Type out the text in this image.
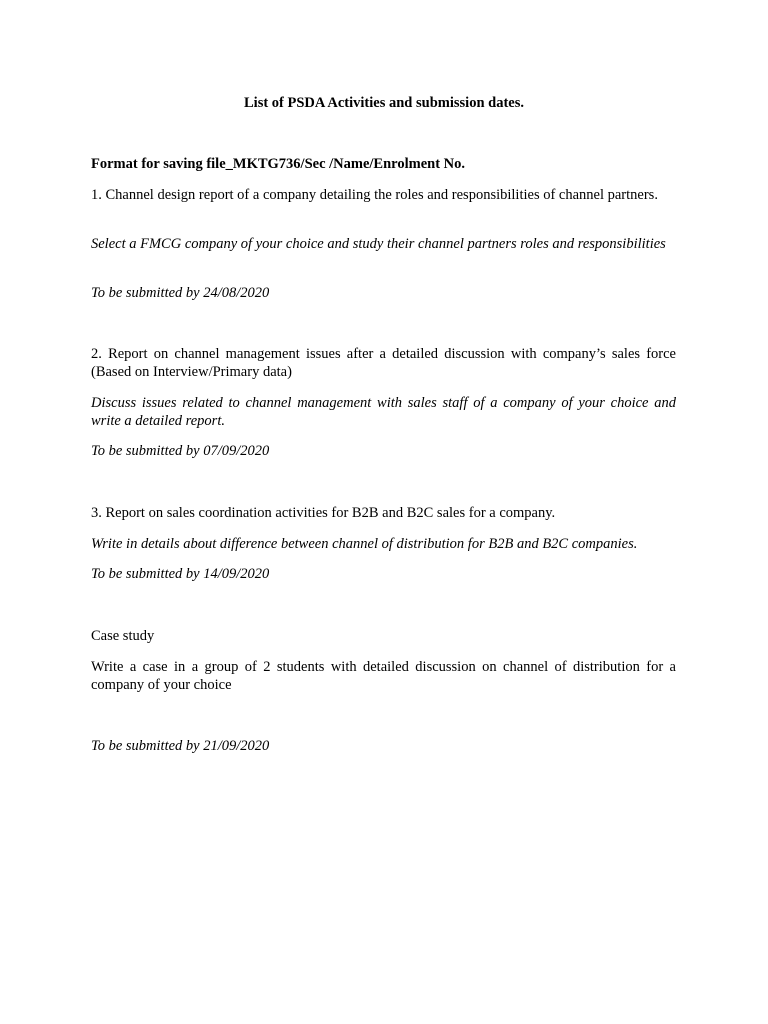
List of PSDA Activities and submission dates.

Format for saving file_MKTG736/Sec /Name/Enrolment No.

1. Channel design report of a company detailing the roles and responsibilities of channel partners.

Select a FMCG company of your choice and study their channel partners roles and responsibilities

To be submitted by 24/08/2020

2. Report on channel management issues after a detailed discussion with company’s sales force (Based on Interview/Primary data)

Discuss issues related to channel management with sales staff of a company of your choice and write a detailed report.

To be submitted by 07/09/2020

3. Report on sales coordination activities for B2B and B2C sales for a company.

Write in details about difference between channel of distribution for B2B and B2C companies.

To be submitted by 14/09/2020

Case study

Write a case in a group of 2 students with detailed discussion on channel of distribution for a company of your choice

To be submitted by 21/09/2020
